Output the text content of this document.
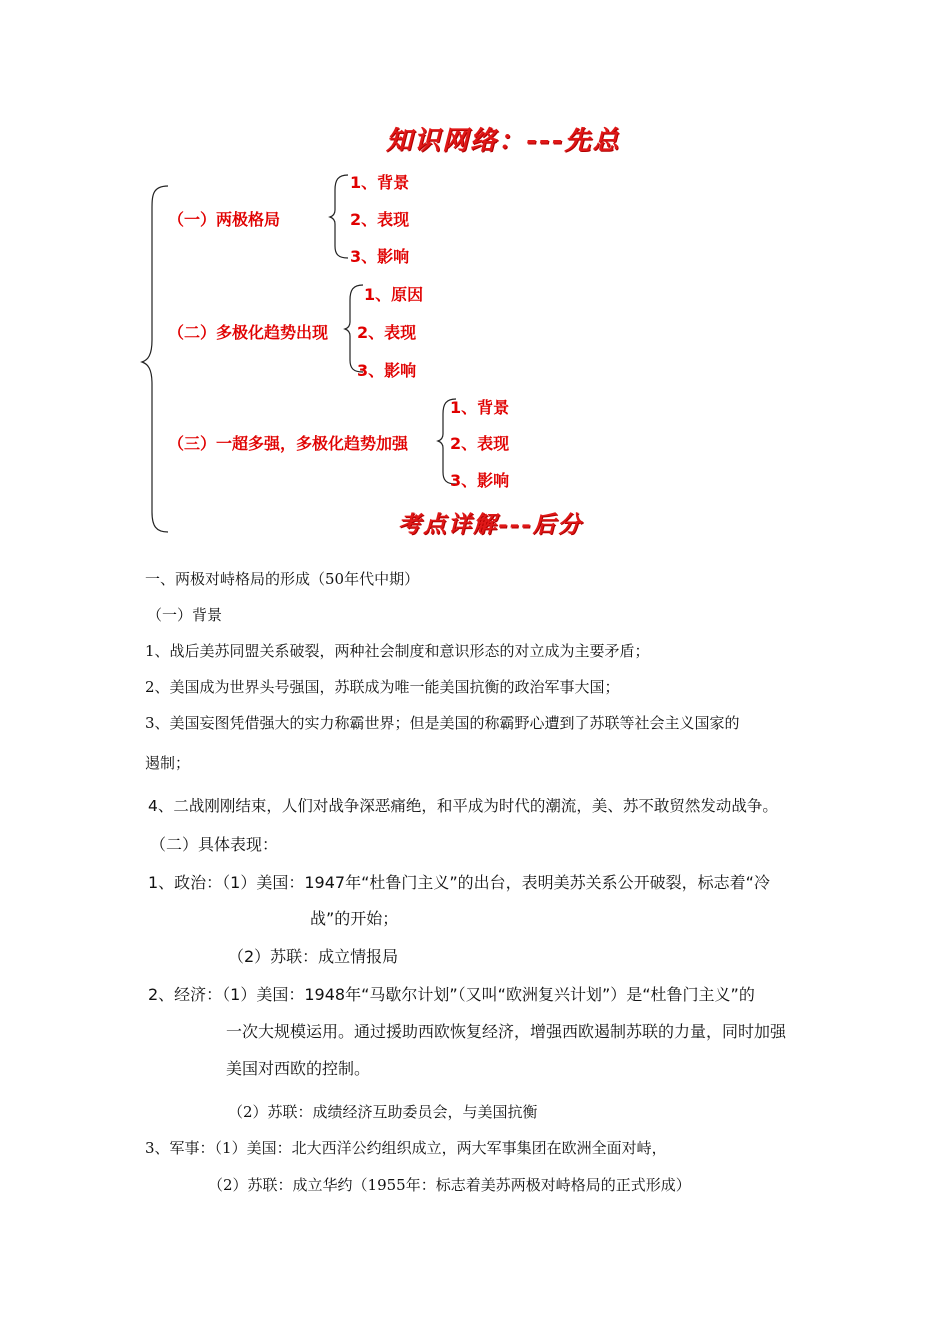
知识网络：---先总
（一）两极格局
1、背景
2、表现
3、影响
（二）多极化趋势出现
1、原因
2、表现
3、影响
（三）一超多强，多极化趋势加强
1、背景
2、表现
3、影响
考点详解---后分
一、两极对峙格局的形成（50年代中期）
（一）背景
1、战后美苏同盟关系破裂，两种社会制度和意识形态的对立成为主要矛盾；
2、美国成为世界头号强国，苏联成为唯一能美国抗衡的政治军事大国；
3、美国妄图凭借强大的实力称霸世界；但是美国的称霸野心遭到了苏联等社会主义国家的
遏制；
4、二战刚刚结束，人们对战争深恶痛绝，和平成为时代的潮流，美、苏不敢贸然发动战争。
（二）具体表现：
1、政治：（1）美国：1947年“杜鲁门主义”的出台，表明美苏关系公开破裂，标志着“冷
战”的开始；
（2）苏联：成立情报局
2、经济：（1）美国：1948年“马歇尔计划”（又叫“欧洲复兴计划”）是“杜鲁门主义”的
一次大规模运用。通过援助西欧恢复经济，增强西欧遏制苏联的力量，同时加强
美国对西欧的控制。
（2）苏联：成绩经济互助委员会，与美国抗衡
3、军事：（1）美国：北大西洋公约组织成立，两大军事集团在欧洲全面对峙，
（2）苏联：成立华约（1955年：标志着美苏两极对峙格局的正式形成）
